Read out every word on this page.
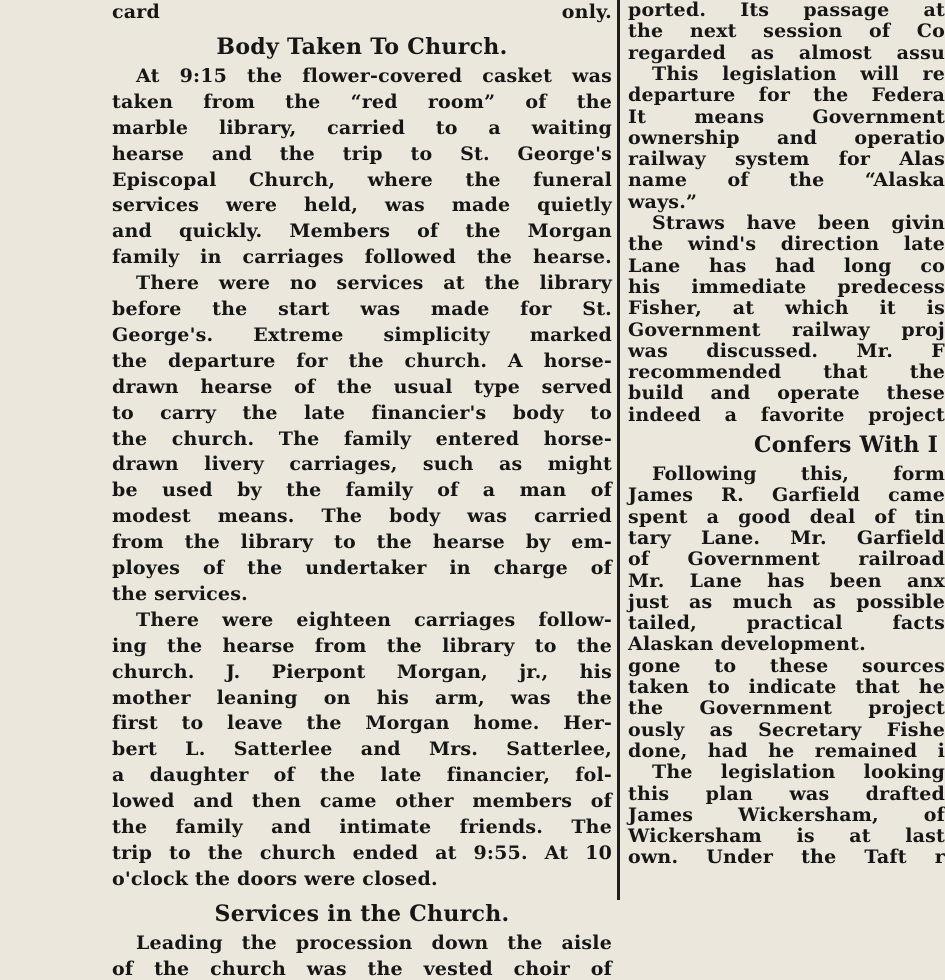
card only.
Body Taken To Church.
At 9:15 the flower-covered casket was
taken from the “red room” of the
marble library, carried to a waiting
hearse and the trip to St. George's
Episcopal Church, where the funeral
services were held, was made quietly
and quickly. Members of the Morgan
family in carriages followed the hearse.
There were no services at the library
before the start was made for St.
George's. Extreme simplicity marked
the departure for the church. A horse-
drawn hearse of the usual type served
to carry the late financier's body to
the church. The family entered horse-
drawn livery carriages, such as might
be used by the family of a man of
modest means. The body was carried
from the library to the hearse by em-
ployes of the undertaker in charge of
the services.
There were eighteen carriages follow-
ing the hearse from the library to the
church. J. Pierpont Morgan, jr., his
mother leaning on his arm, was the
first to leave the Morgan home. Her-
bert L. Satterlee and Mrs. Satterlee,
a daughter of the late financier, fol-
lowed and then came other members of
the family and intimate friends. The
trip to the church ended at 9:55. At 10
o'clock the doors were closed.
Services in the Church.
Leading the procession down the aisle
of the church was the vested choir of
ported. Its passage at
the next session of Co
regarded as almost assu
This legislation will re
departure for the Federa
It means Government
ownership and operatio
railway system for Alas
name of the “Alaska
ways.”
Straws have been givin
the wind's direction late
Lane has had long co
his immediate predecess
Fisher, at which it is
Government railway proj
was discussed. Mr. F
recommended that the
build and operate these
indeed a favorite project
Confers With I
Following this, form
James R. Garfield came
spent a good deal of tin
tary Lane. Mr. Garfield
of Government railroad
Mr. Lane has been anx
just as much as possible
tailed, practical facts
Alaskan development.
gone to these sources
taken to indicate that he
the Government project
ously as Secretary Fishe
done, had he remained i
The legislation looking
this plan was drafted
James Wickersham, of
Wickersham is at last
own. Under the Taft r
